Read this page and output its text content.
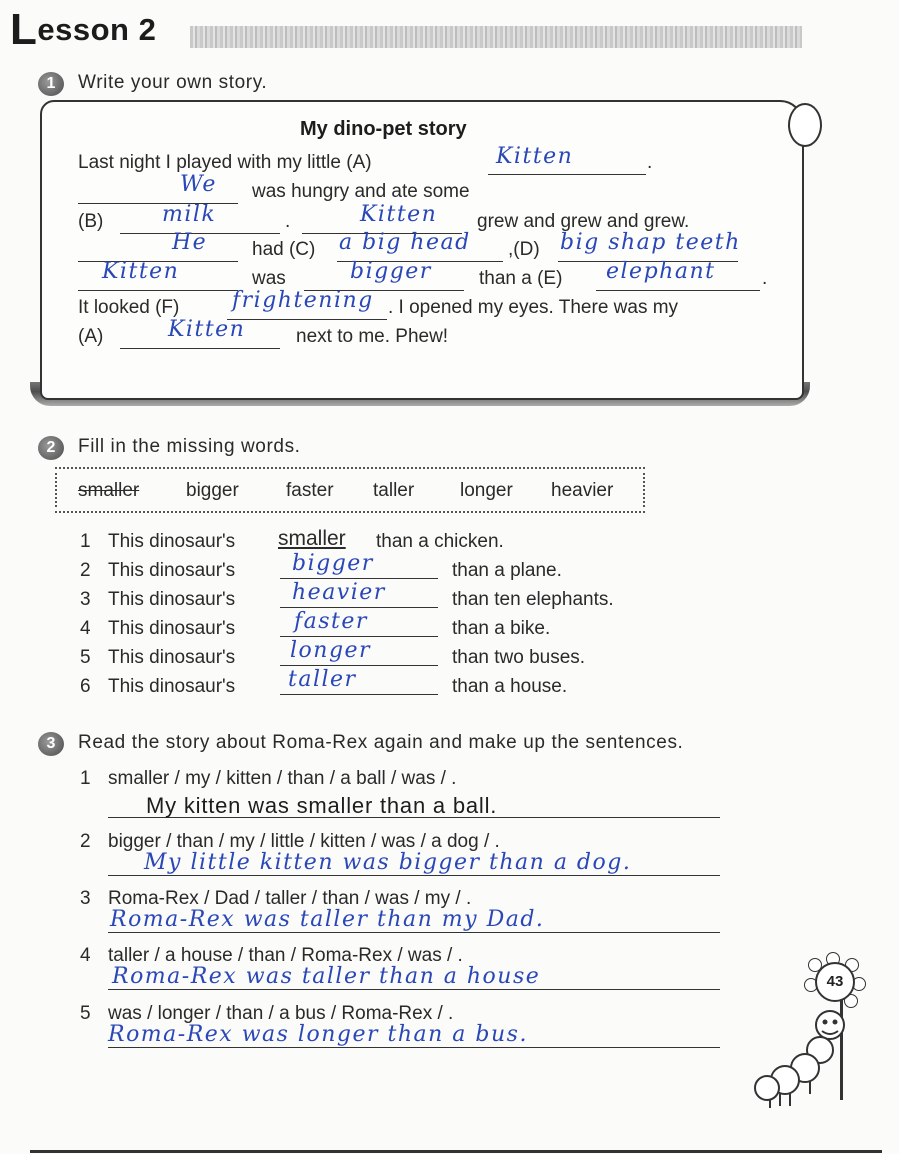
Lesson 2
1	Write your own story.
My dino-pet story
Last night I played with my little (A)	Kitten	.
We was hungry and ate some
(B)	milk	.	Kitten grew and grew and grew.
He had (C) a big head ,(D) big shap teeth
Kitten	was	bigger than a (E) elephant .
It looked (F) frightening . I opened my eyes. There was my
(A)	Kitten	next to me. Phew!
2	Fill in the missing words.
smaller bigger faster taller longer heavier
1 This dinosaur's smaller than a chicken.
2 This dinosaur's	bigger	than a plane.
3 This dinosaur's	heavier	than ten elephants.
4 This dinosaur's	faster	than a bike.
5 This dinosaur's longer	than two buses.
6 This dinosaur's taller	than a house.
3	Read the story about Roma-Rex again and make up the sentences.
1 smaller / my / kitten / than / a ball / was / .
My kitten was smaller than a ball.
2 bigger / than / my / little / kitten / was / a dog / .
My little kitten was bigger than a dog.
3 Roma-Rex / Dad / taller / than / was / my / .
Roma-Rex was taller than my Dad.
4 taller / a house / than / Roma-Rex / was / .
Roma-Rex was taller than a house
5 was / longer / than / a bus / Roma-Rex / .
Roma-Rex was longer than a bus.
43
